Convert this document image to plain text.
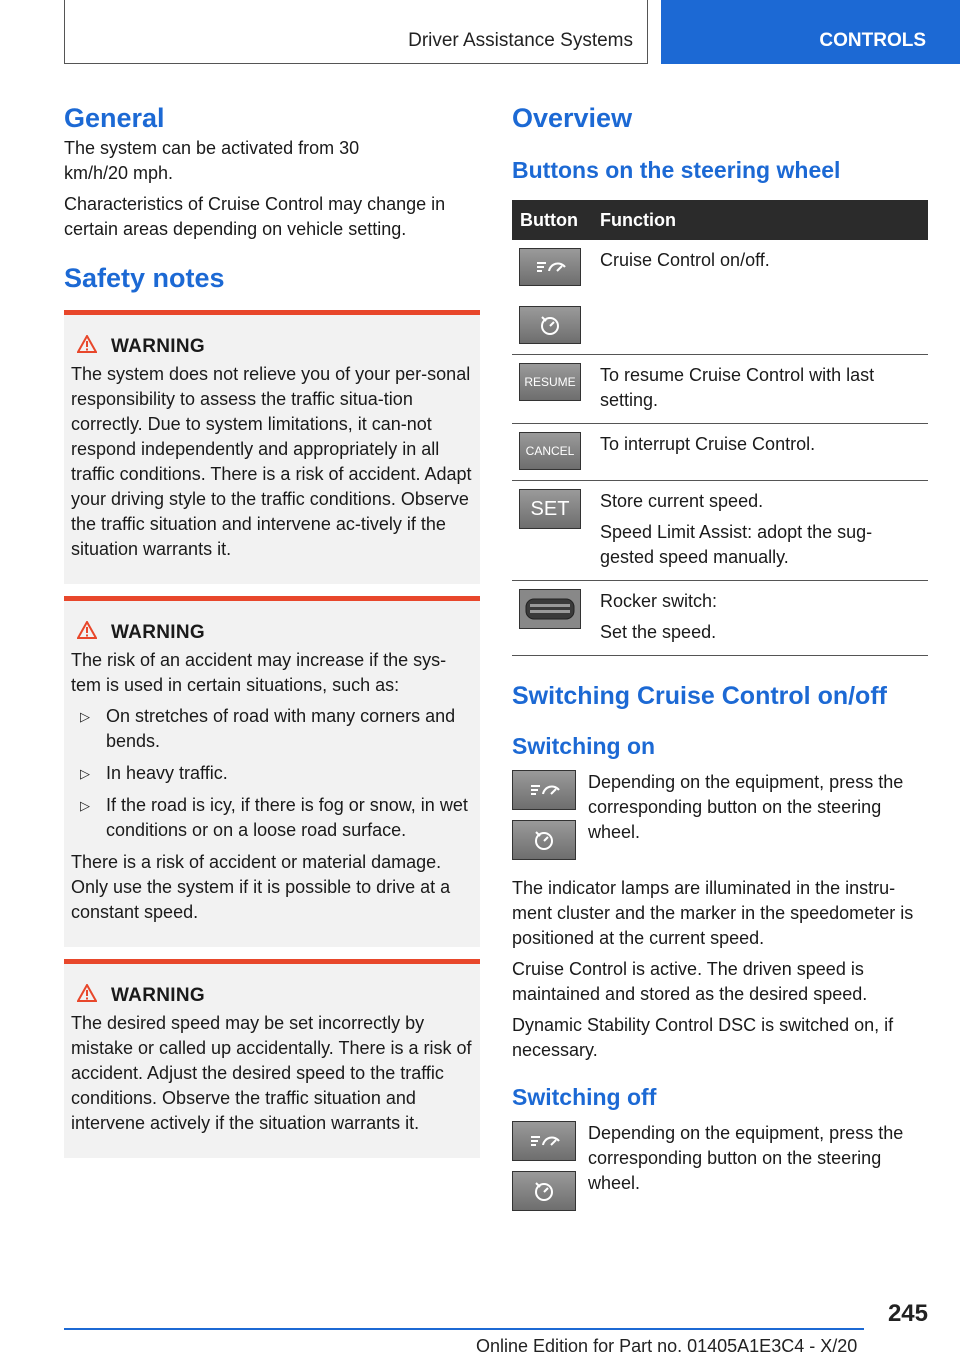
Driver Assistance Systems	CONTROLS
General

The system can be activated from 30 km/h/20 mph.

Characteristics of Cruise Control may change in certain areas depending on vehicle setting.

Safety notes
WARNING

The system does not relieve you of your per-sonal responsibility to assess the traffic situa-tion correctly. Due to system limitations, it can-not respond independently and appropriately in all traffic conditions. There is a risk of accident. Adapt your driving style to the traffic conditions. Observe the traffic situation and intervene ac-tively if the situation warrants it.

WARNING

The risk of an accident may increase if the sys-tem is used in certain situations, such as:

▷ On stretches of road with many corners and bends.
▷ In heavy traffic.
▷ If the road is icy, if there is fog or snow, in wet conditions or on a loose road surface.

There is a risk of accident or material damage. Only use the system if it is possible to drive at a constant speed.

WARNING

The desired speed may be set incorrectly by mistake or called up accidentally. There is a risk of accident. Adjust the desired speed to the traffic conditions. Observe the traffic situation and intervene actively if the situation warrants it.

Overview
Buttons on the steering wheel
Button	Function

	Cruise Control on/off.

RESUME	To resume Cruise Control with last setting.

CANCEL	To interrupt Cruise Control.

SET	Store current speed.
Speed Limit Assist: adopt the sug-gested speed manually.

Rocker switch:
Set the speed.
Switching Cruise Control on/off
Switching on

Depending on the equipment, press the corresponding button on the steering wheel.

The indicator lamps are illuminated in the instru-ment cluster and the marker in the speedometer is positioned at the current speed.

Cruise Control is active. The driven speed is maintained and stored as the desired speed.

Dynamic Stability Control DSC is switched on, if necessary.

Switching off

Depending on the equipment, press the corresponding button on the steering wheel.

245
Online Edition for Part no. 01405A1E3C4 - X/20
